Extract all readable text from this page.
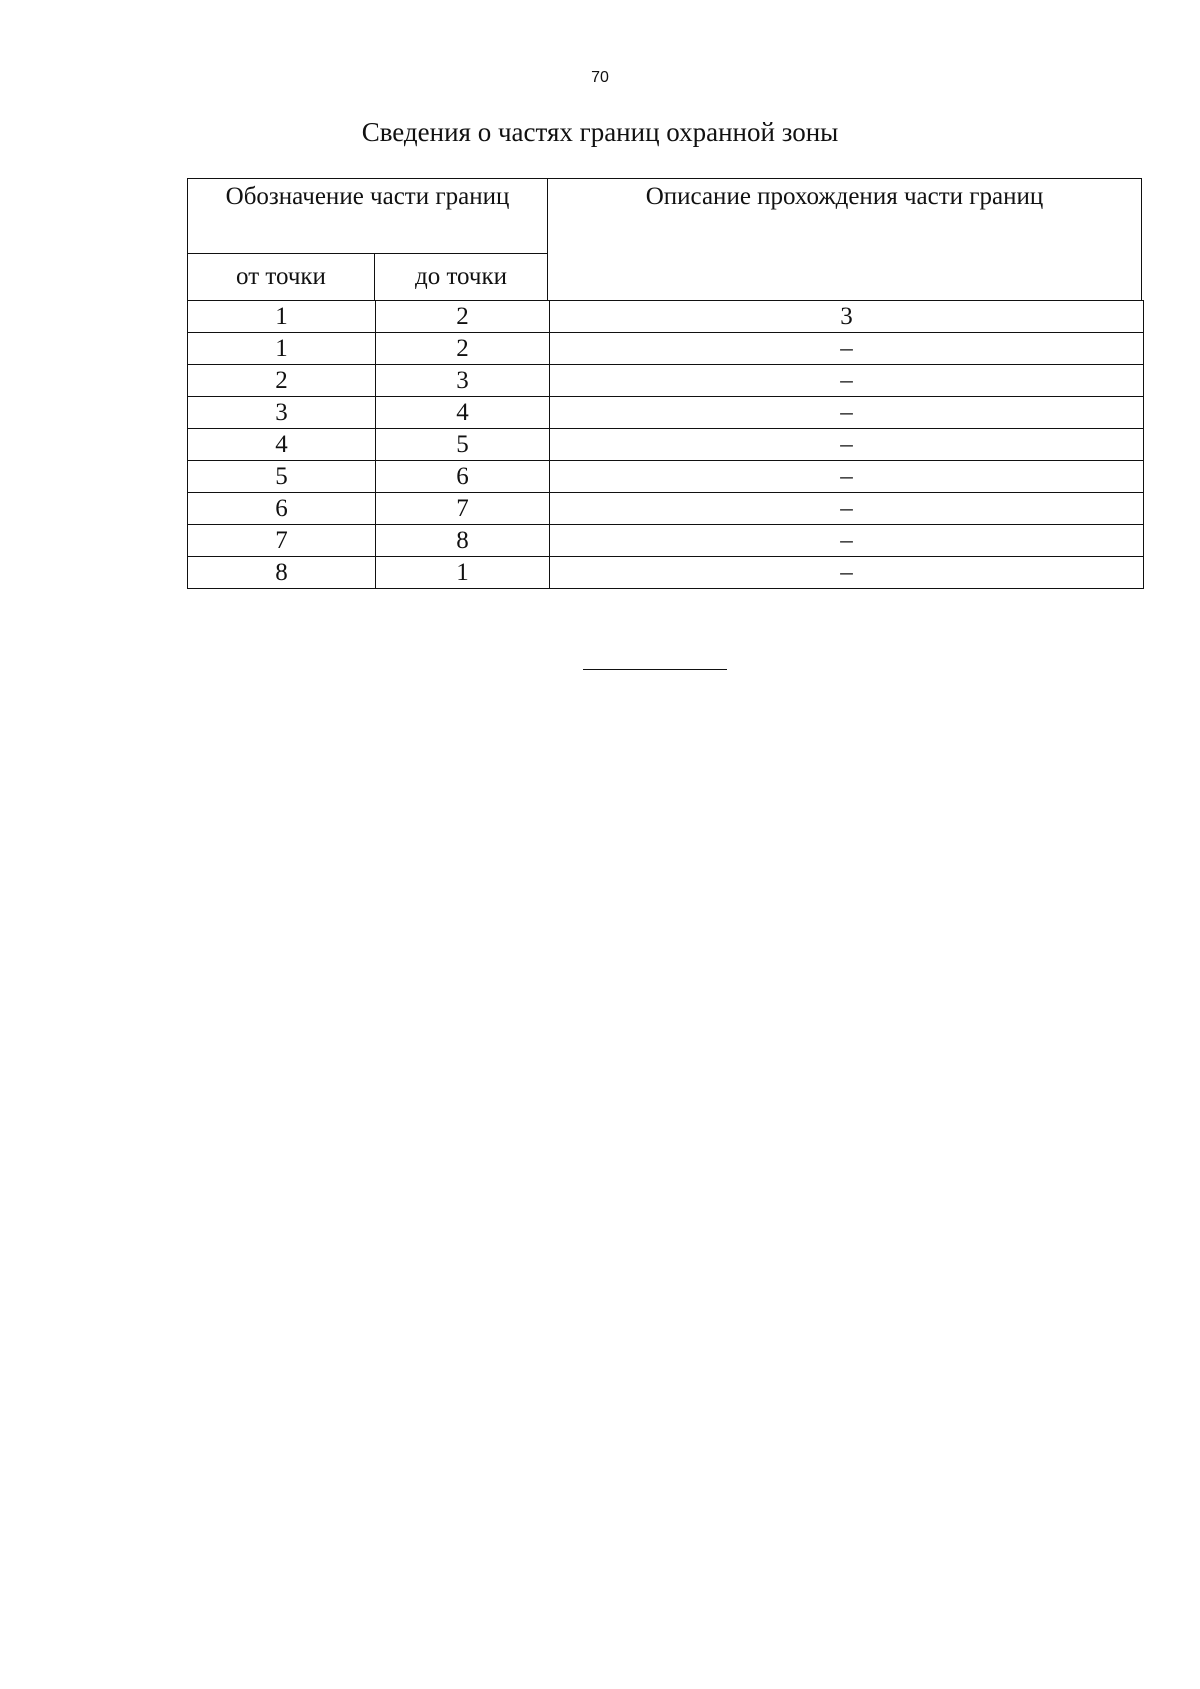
70
Сведения о частях границ охранной зоны
Обозначение части границ		Описание прохождения части границ
от точки	до точки	
1	2	3
1	2	–
2	3	–
3	4	–
4	5	–
5	6	–
6	7	–
7	8	–
8	1	–
